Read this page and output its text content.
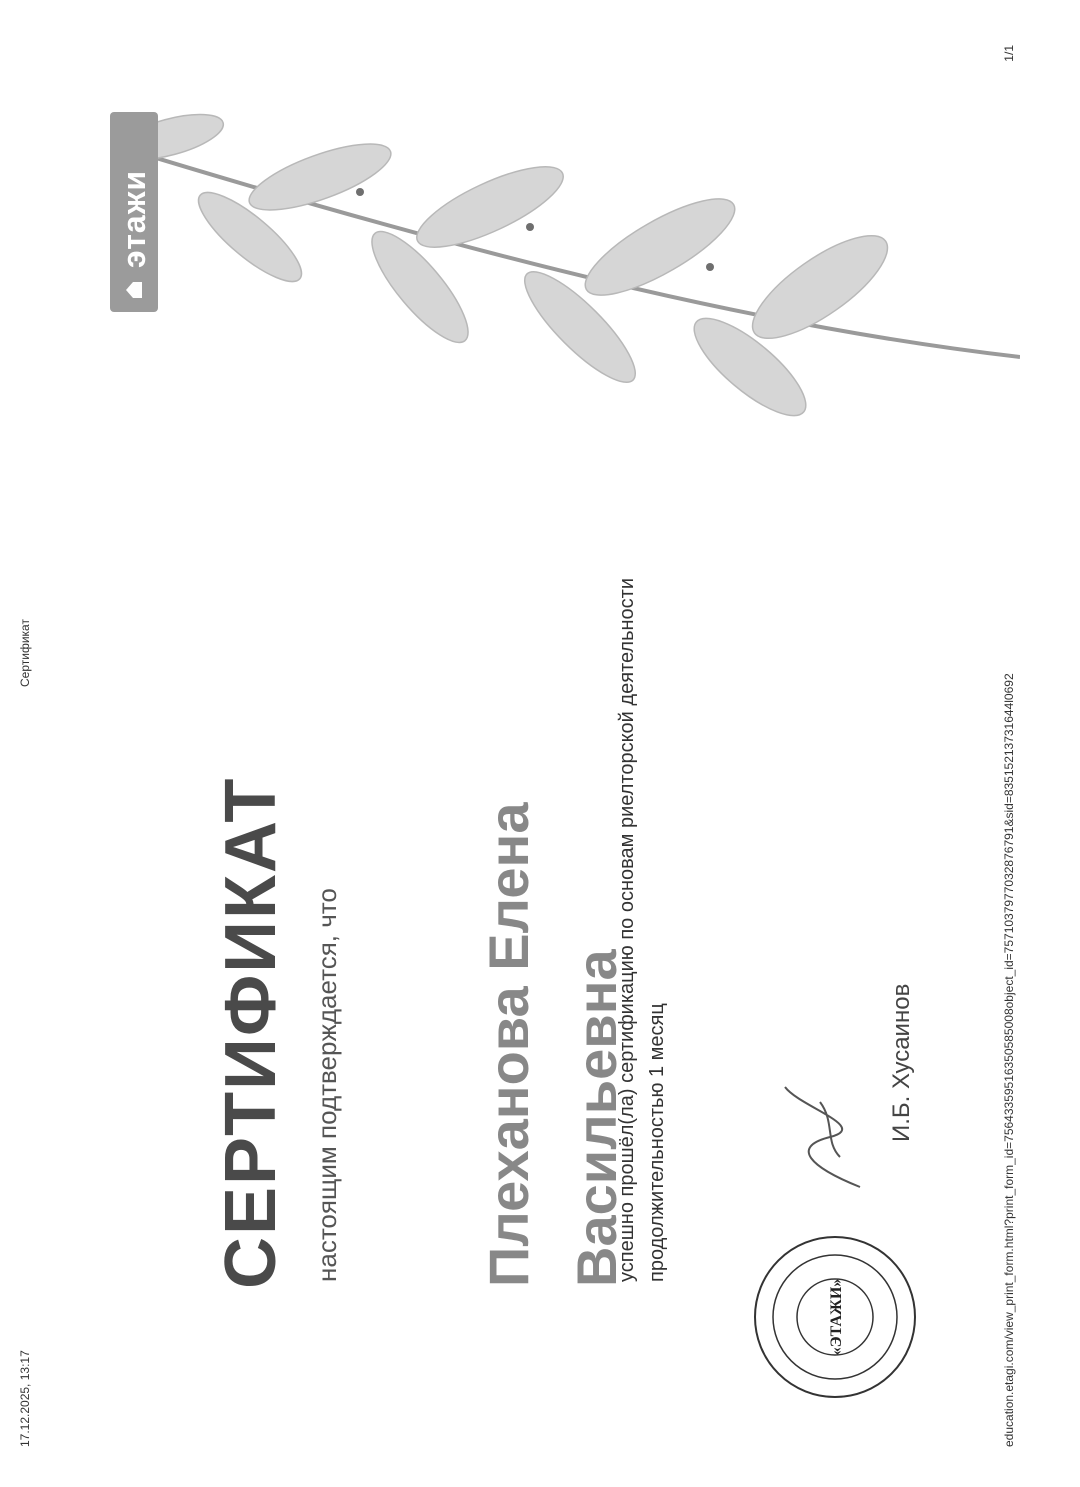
17.12.2025, 13:17
Сертификат
education.etagi.com/view_print_form.html?print_form_id=75643359516350585008object_id=7571037977032876791&sid=83515213731644l0692
1/1
этажи
СЕРТИФИКАТ настоящим подтверждается, что Плеханова Елена Васильевна
успешно прошёл(ла) сертификацию по основам риелторской деятельности продолжительностью 1 месяц
«ЭТАЖИ»
И.Б. Хусаинов
